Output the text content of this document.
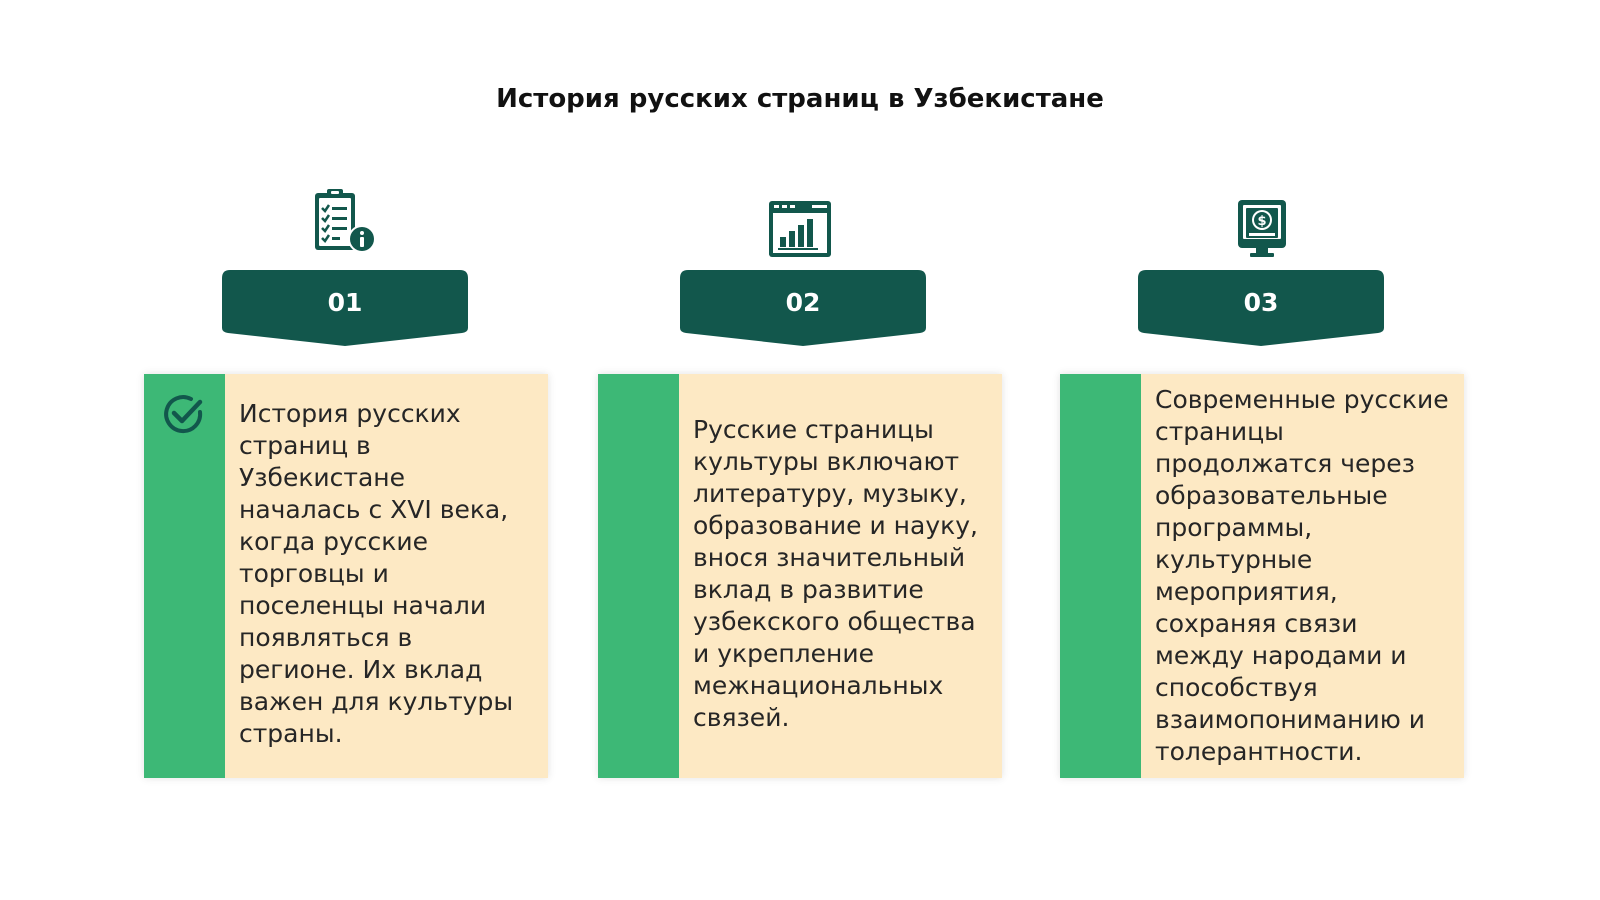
История русских страниц в Узбекистане
$
01	02	03
История русских страниц в Узбекистане началась с XVI века, когда русские торговцы и поселенцы начали появляться в регионе. Их вклад важен для культуры страны.
Русские страницы культуры включают литературу, музыку, образование и науку, внося значительный вклад в развитие узбекского общества и укрепление межнациональных связей.
Современные русские страницы продолжатся через образовательные программы, культурные мероприятия, сохраняя связи между народами и способствуя взаимопониманию и толерантности.
